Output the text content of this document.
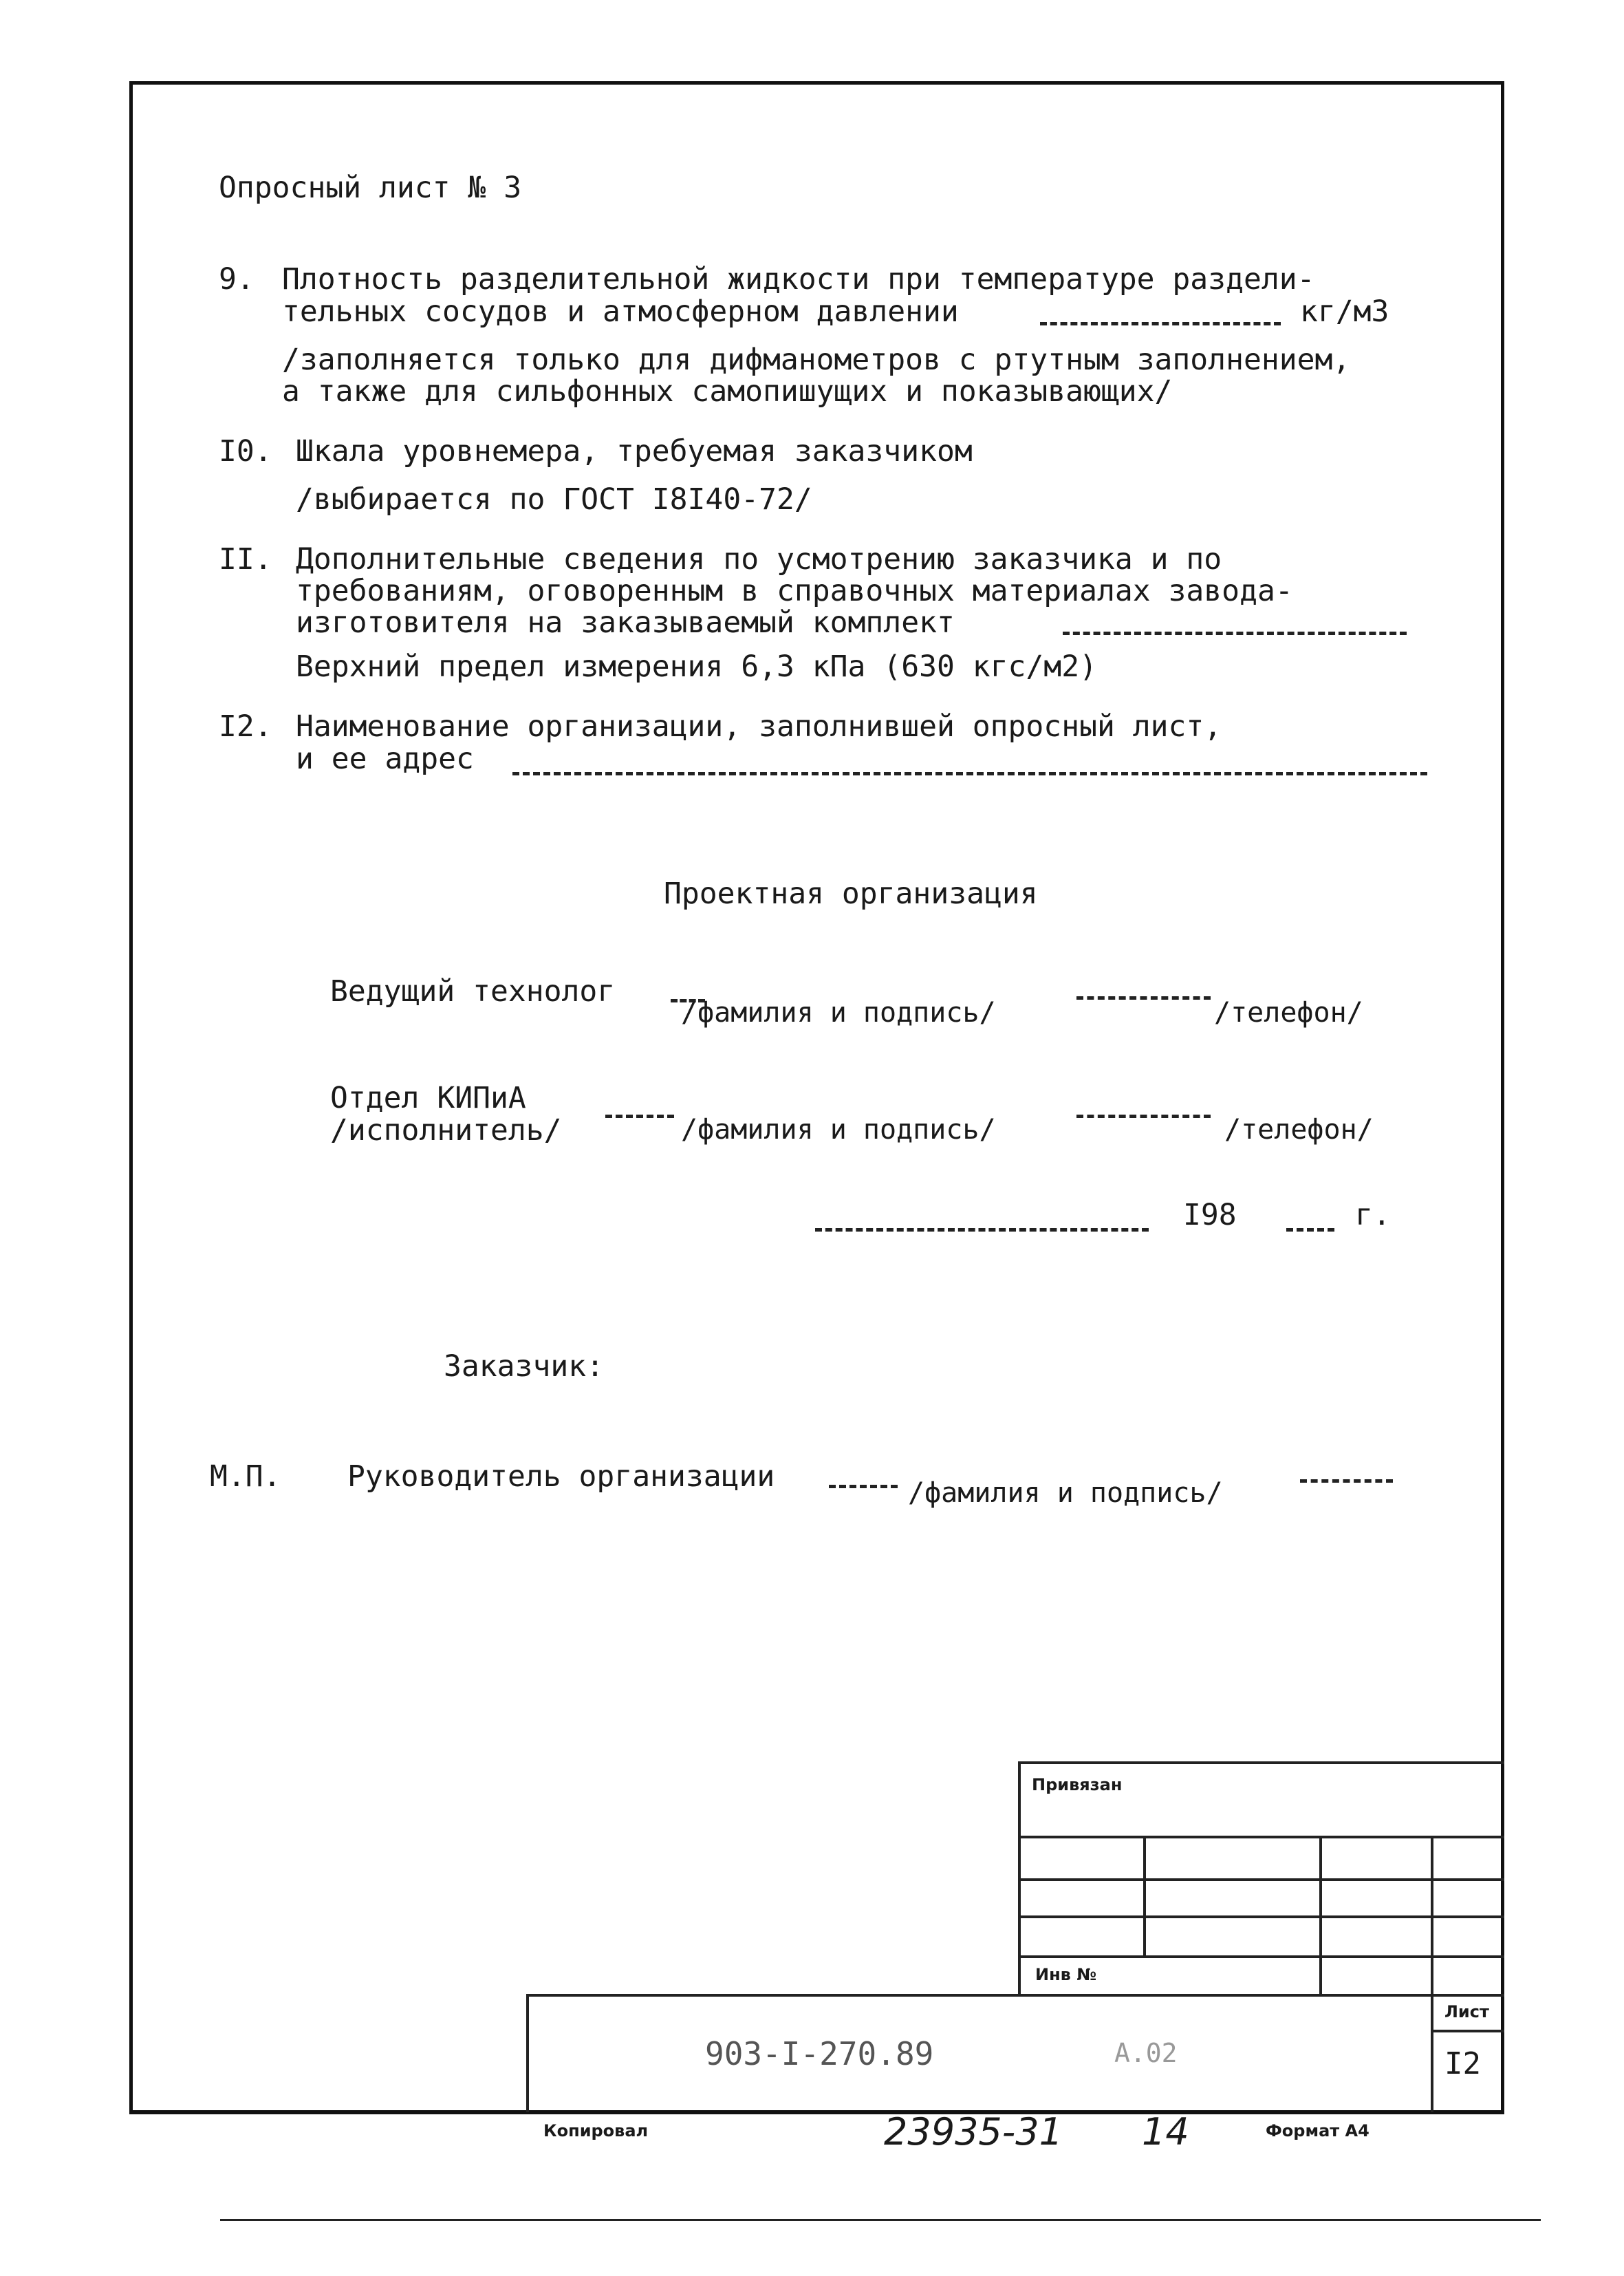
Опросный лист № 3
9. Плотность разделительной жидкости при температуре раздели-
тельных сосудов и атмосферном давлении	кг/м3
/заполняется только для дифманометров с ртутным заполнением,
а также для сильфонных самопишущих и показывающих/
I0. Шкала уровнемера, требуемая заказчиком
/выбирается по ГОСТ I8I40-72/
II. Дополнительные сведения по усмотрению заказчика и по
требованиям, оговоренным в справочных материалах завода-
изготовителя на заказываемый комплект
Верхний предел измерения 6,3 кПа (630 кгс/м2)
I2. Наименование организации, заполнившей опросный лист,
и ее адрес
Проектная организация
Ведущий технолог
/фамилия и подпись/	/телефон/
Отдел КИПиА
/исполнитель/	/фамилия и подпись/	/телефон/
I98	г.
Заказчик:
М.П. Руководитель организации	/фамилия и подпись/
Привязан
Инв №
903-I-270.89	А.02
Лист
I2
Копировал	23935-31 14	Формат А4
